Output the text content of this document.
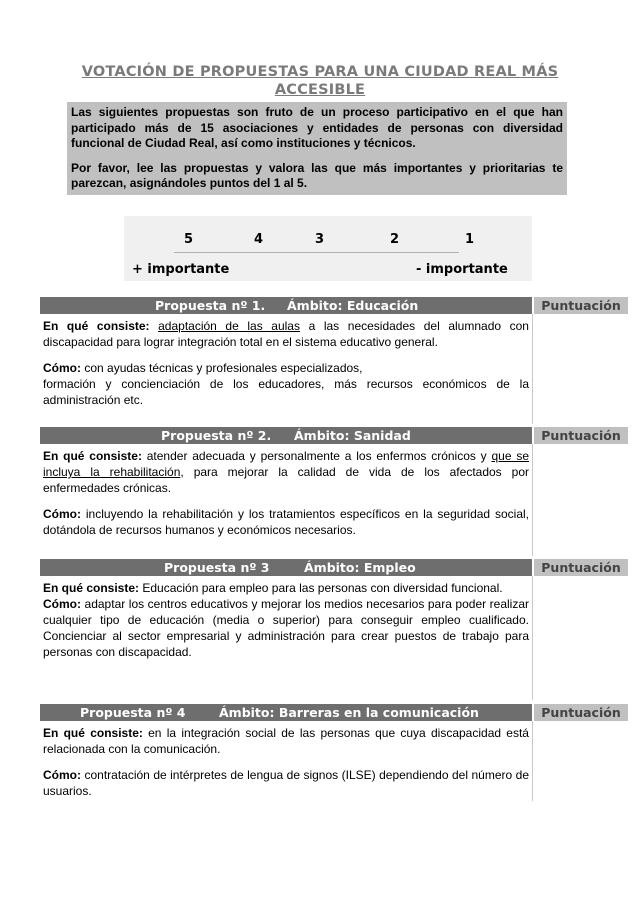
VOTACIÓN DE PROPUESTAS PARA UNA CIUDAD REAL MÁS
ACCESIBLE

Las siguientes propuestas son fruto de un proceso participativo en el que han participado más de 15 asociaciones y entidades de personas con diversidad funcional de Ciudad Real, así como instituciones y técnicos.

Por favor, lee las propuestas y valora las que más importantes y prioritarias te parezcan, asignándoles puntos del 1 al 5.

5	4	3	2	1
+ importante	- importante
Propuesta nº 1. Ámbito: Educación	Puntuación

En qué consiste: adaptación de las aulas a las necesidades del alumnado con discapacidad para lograr integración total en el sistema educativo general.

Cómo: con ayudas técnicas y profesionales especializados,

formación y concienciación de los educadores, más recursos económicos de la administración etc.

Propuesta nº 2. Ámbito: Sanidad	Puntuación

En qué consiste: atender adecuada y personalmente a los enfermos crónicos y que se incluya la rehabilitación, para mejorar la calidad de vida de los afectados por enfermedades crónicas.

Cómo: incluyendo la rehabilitación y los tratamientos específicos en la seguridad social, dotándola de recursos humanos y económicos necesarios.

Propuesta nº 3	Ámbito: Empleo	Puntuación

En qué consiste: Educación para empleo para las personas con diversidad funcional.

Cómo: adaptar los centros educativos y mejorar los medios necesarios para poder realizar cualquier tipo de educación (media o superior) para conseguir empleo cualificado. Concienciar al sector empresarial y administración para crear puestos de trabajo para personas con discapacidad.

Propuesta nº 4	Ámbito: Barreras en la comunicación	Puntuación

En qué consiste: en la integración social de las personas que cuya discapacidad está relacionada con la comunicación.

Cómo: contratación de intérpretes de lengua de signos (ILSE) dependiendo del número de usuarios.
